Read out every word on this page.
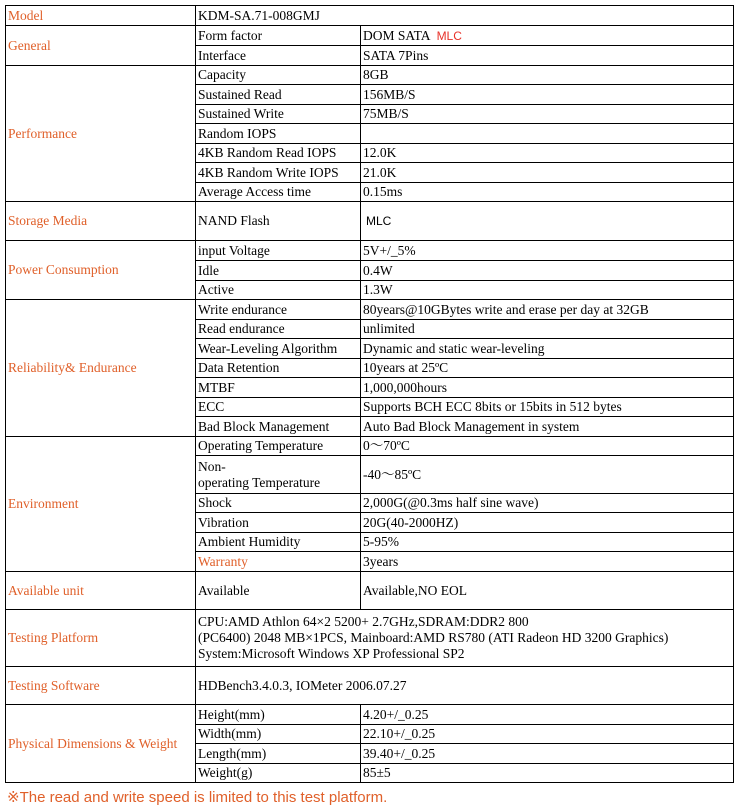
Model	KDM-SA.71-008GMJ	
General	Form factor	DOM SATA MLC
	Interface	SATA 7Pins
Performance	Capacity	8GB
	Sustained Read	156MB/S
	Sustained Write	75MB/S
	Random IOPS	
	4KB Random Read IOPS	12.0K
	4KB Random Write IOPS	21.0K
	Average Access time	0.15ms
Storage Media	NAND Flash	MLC
Power Consumption	input Voltage	5V+/_5%
	Idle	0.4W
	Active	1.3W
Reliability& Endurance	Write endurance	80years@10GBytes write and erase per day at 32GB
	Read endurance	unlimited
	Wear-Leveling Algorithm	Dynamic and static wear-leveling
	Data Retention	10years at 25ºC
	MTBF	1,000,000hours
	ECC	Supports BCH ECC 8bits or 15bits in 512 bytes
	Bad Block Management	Auto Bad Block Management in system
Environment	Operating Temperature	0～70ºC

	Non-
operating Temperature	-40～85ºC
	Shock	2,000G(@0.3ms half sine wave)
	Vibration	20G(40-2000HZ)
	Ambient Humidity	5-95%
	Warranty	3years
Available unit	Available	Available,NO EOL
Testing Platform	CPU:AMD Athlon 64×2 5200+ 2.7GHz,SDRAM:DDR2 800
(PC6400) 2048 MB×1PCS, Mainboard:AMD RS780 (ATI Radeon HD 3200 Graphics)
System:Microsoft Windows XP Professional SP2	

Testing Software	HDBench3.4.0.3, IOMeter 2006.07.27	
Physical Dimensions & Weight	Height(mm)	4.20+/_0.25
	Width(mm)	22.10+/_0.25
	Length(mm)	39.40+/_0.25
	Weight(g)	85±5
※The read and write speed is limited to this test platform.
